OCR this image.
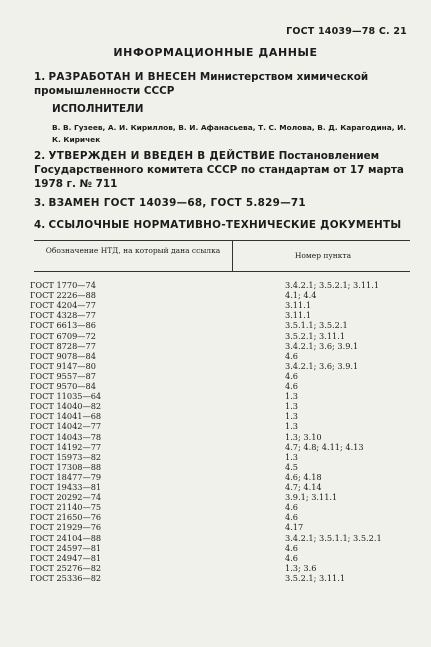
ГОСТ 14039—78 С. 21
ИНФОРМАЦИОННЫЕ ДАННЫЕ
1. РАЗРАБОТАН И ВНЕСЕН Министерством химической промышленности СССР
ИСПОЛНИТЕЛИ
В. В. Гузеев, А. И. Кириллов, В. И. Афанасьева, Т. С. Молова, В. Д. Карагодина, И. К. Киричек
2. УТВЕРЖДЕН И ВВЕДЕН В ДЕЙСТВИЕ Постановлением Государственного комитета СССР по стандартам от 17 марта 1978 г. № 711
3. ВЗАМЕН ГОСТ 14039—68, ГОСТ 5.829—71
4. ССЫЛОЧНЫЕ НОРМАТИВНО-ТЕХНИЧЕСКИЕ ДОКУМЕНТЫ
Обозначение НТД, на который дана ссылка
Номер пункта
ГОСТ 1770—74	3.4.2.1; 3.5.2.1; 3.11.1
ГОСТ 2226—88	4.1; 4.4
ГОСТ 4204—77	3.11.1
ГОСТ 4328—77	3.11.1
ГОСТ 6613—86	3.5.1.1; 3.5.2.1
ГОСТ 6709—72	3.5.2.1; 3.11.1
ГОСТ 8728—77	3.4.2.1; 3.6; 3.9.1
ГОСТ 9078—84	4.6
ГОСТ 9147—80	3.4.2.1; 3.6; 3.9.1
ГОСТ 9557—87	4.6
ГОСТ 9570—84	4.6
ГОСТ 11035—64	1.3
ГОСТ 14040—82	1.3
ГОСТ 14041—68	1.3
ГОСТ 14042—77	1.3
ГОСТ 14043—78	1.3; 3.10
ГОСТ 14192—77	4.7; 4.8; 4.11; 4.13
ГОСТ 15973—82	1.3
ГОСТ 17308—88	4.5
ГОСТ 18477—79	4.6; 4.18
ГОСТ 19433—81	4.7; 4.14
ГОСТ 20292—74	3.9.1; 3.11.1
ГОСТ 21140—75	4.6
ГОСТ 21650—76	4.6
ГОСТ 21929—76	4.17
ГОСТ 24104—88	3.4.2.1; 3.5.1.1; 3.5.2.1
ГОСТ 24597—81	4.6
ГОСТ 24947—81	4.6
ГОСТ 25276—82	1.3; 3.6
ГОСТ 25336—82	3.5.2.1; 3.11.1
